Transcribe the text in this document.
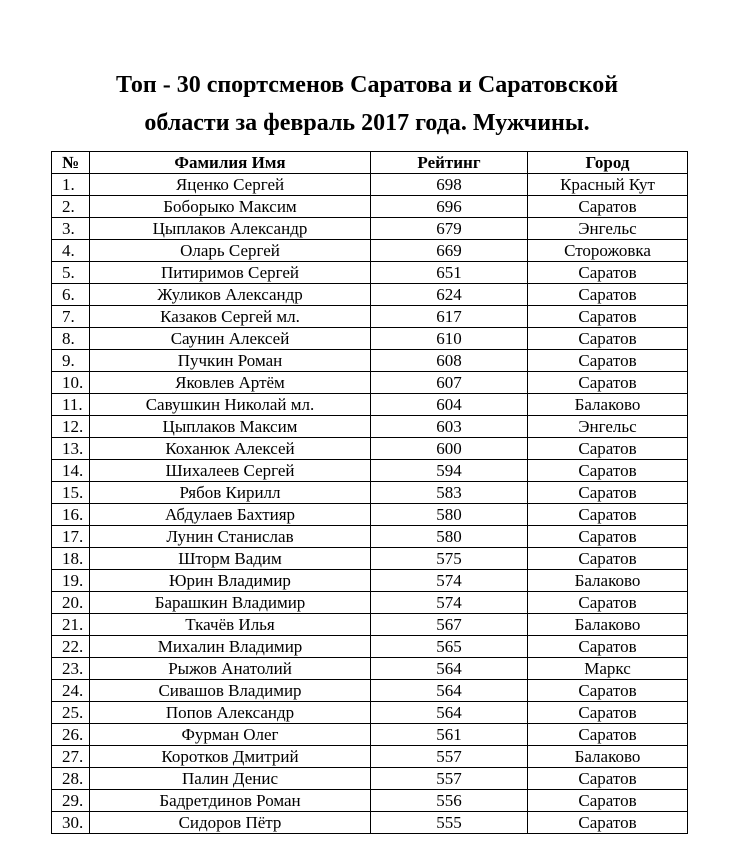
Топ - 30 спортсменов Саратова и Саратовской
области за февраль 2017 года. Мужчины.
№	Фамилия Имя	Рейтинг	Город
1.	Яценко Сергей	698	Красный Кут
2.	Боборыко Максим	696	Саратов
3.	Цыплаков Александр	679	Энгельс
4.	Оларь Сергей	669	Сторожовка
5.	Питиримов Сергей	651	Саратов
6.	Жуликов Александр	624	Саратов
7.	Казаков Сергей мл.	617	Саратов
8.	Саунин Алексей	610	Саратов
9.	Пучкин Роман	608	Саратов
10.	Яковлев Артём	607	Саратов
11.	Савушкин Николай мл.	604	Балаково
12.	Цыплаков Максим	603	Энгельс
13.	Коханюк Алексей	600	Саратов
14.	Шихалеев Сергей	594	Саратов
15.	Рябов Кирилл	583	Саратов
16.	Абдулаев Бахтияр	580	Саратов
17.	Лунин Станислав	580	Саратов
18.	Шторм Вадим	575	Саратов
19.	Юрин Владимир	574	Балаково
20.	Барашкин Владимир	574	Саратов
21.	Ткачёв Илья	567	Балаково
22.	Михалин Владимир	565	Саратов
23.	Рыжов Анатолий	564	Маркс
24.	Сивашов Владимир	564	Саратов
25.	Попов Александр	564	Саратов
26.	Фурман Олег	561	Саратов
27.	Коротков Дмитрий	557	Балаково
28.	Палин Денис	557	Саратов
29.	Бадретдинов Роман	556	Саратов
30.	Сидоров Пётр	555	Саратов
